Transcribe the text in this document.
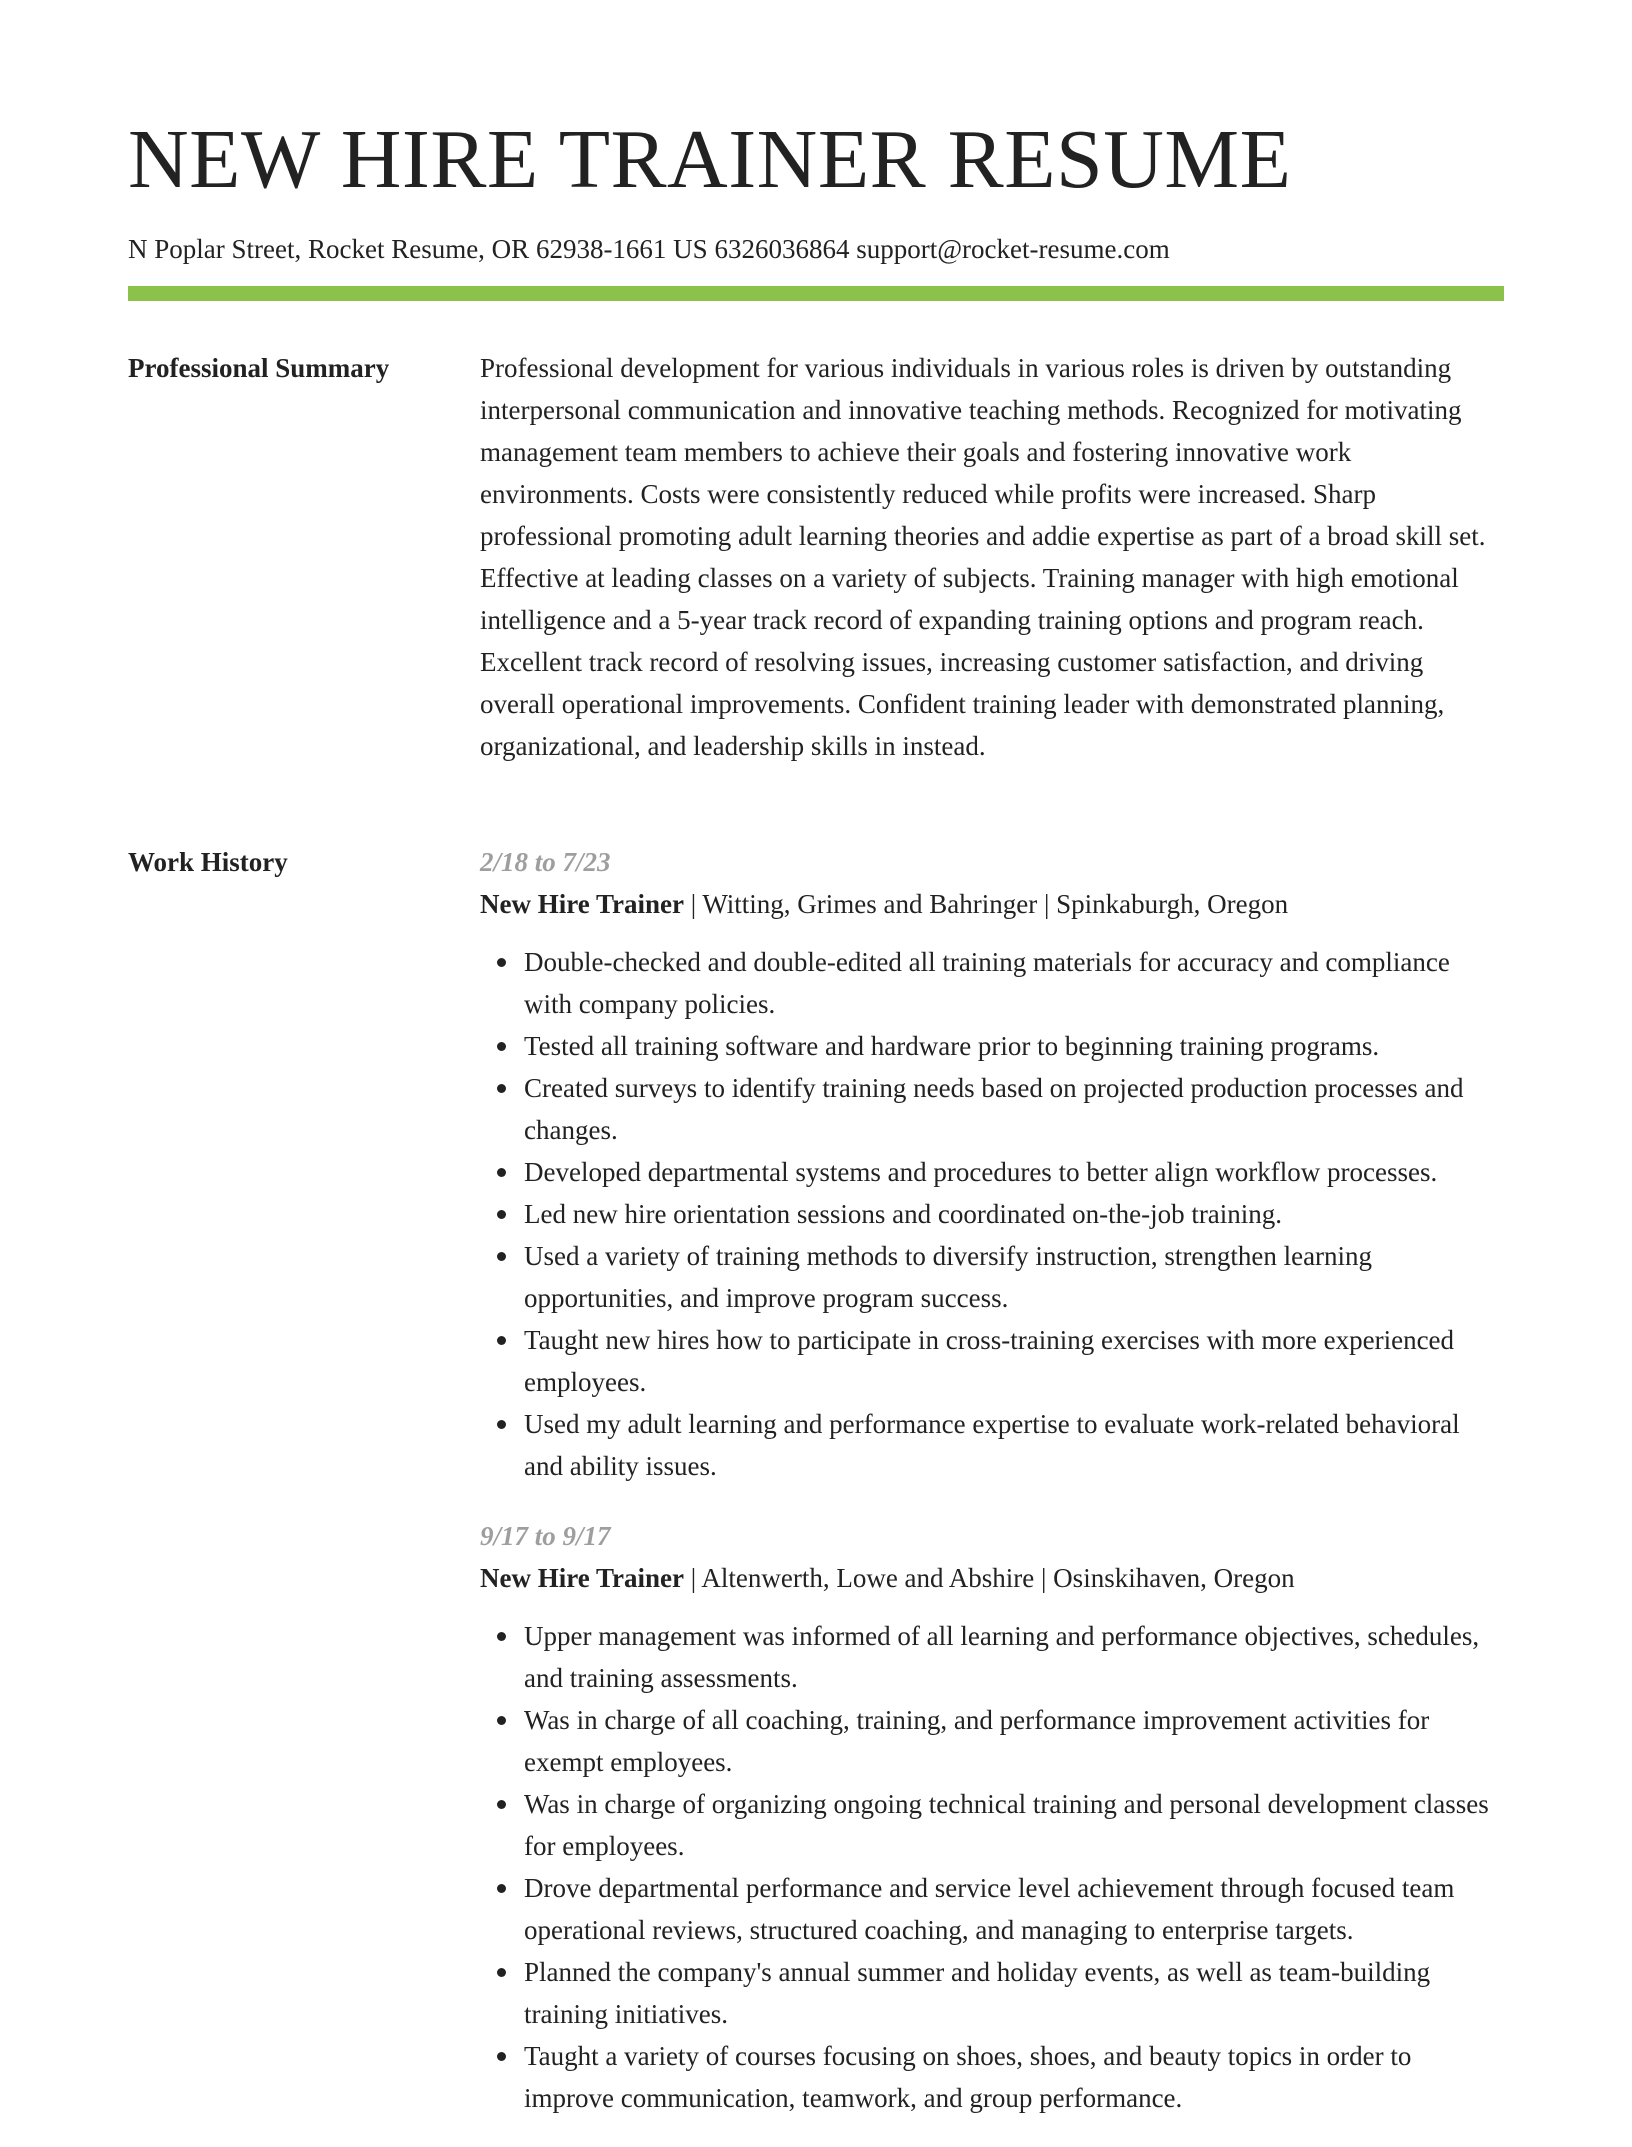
NEW HIRE TRAINER RESUME
N Poplar Street, Rocket Resume, OR 62938-1661 US 6326036864 support@rocket-resume.com
Professional Summary	Professional development for various individuals in various roles is driven by outstanding interpersonal communication and innovative teaching methods. Recognized for motivating management team members to achieve their goals and fostering innovative work environments. Costs were consistently reduced while profits were increased. Sharp professional promoting adult learning theories and addie expertise as part of a broad skill set. Effective at leading classes on a variety of subjects. Training manager with high emotional intelligence and a 5-year track record of expanding training options and program reach. Excellent track record of resolving issues, increasing customer satisfaction, and driving overall operational improvements. Confident training leader with demonstrated planning, organizational, and leadership skills in instead.

Work History	2/18 to 7/23
New Hire Trainer | Witting, Grimes and Bahringer | Spinkaburgh, Oregon
Double-checked and double-edited all training materials for accuracy and compliance with company policies.
Tested all training software and hardware prior to beginning training programs.
Created surveys to identify training needs based on projected production processes and changes.
Developed departmental systems and procedures to better align workflow processes.
Led new hire orientation sessions and coordinated on-the-job training.
Used a variety of training methods to diversify instruction, strengthen learning opportunities, and improve program success.
Taught new hires how to participate in cross-training exercises with more experienced employees.
Used my adult learning and performance expertise to evaluate work-related behavioral and ability issues.
9/17 to 9/17
New Hire Trainer | Altenwerth, Lowe and Abshire | Osinskihaven, Oregon
Upper management was informed of all learning and performance objectives, schedules, and training assessments.
Was in charge of all coaching, training, and performance improvement activities for exempt employees.
Was in charge of organizing ongoing technical training and personal development classes for employees.
Drove departmental performance and service level achievement through focused team operational reviews, structured coaching, and managing to enterprise targets.
Planned the company's annual summer and holiday events, as well as team-building training initiatives.
Taught a variety of courses focusing on shoes, shoes, and beauty topics in order to improve communication, teamwork, and group performance.
